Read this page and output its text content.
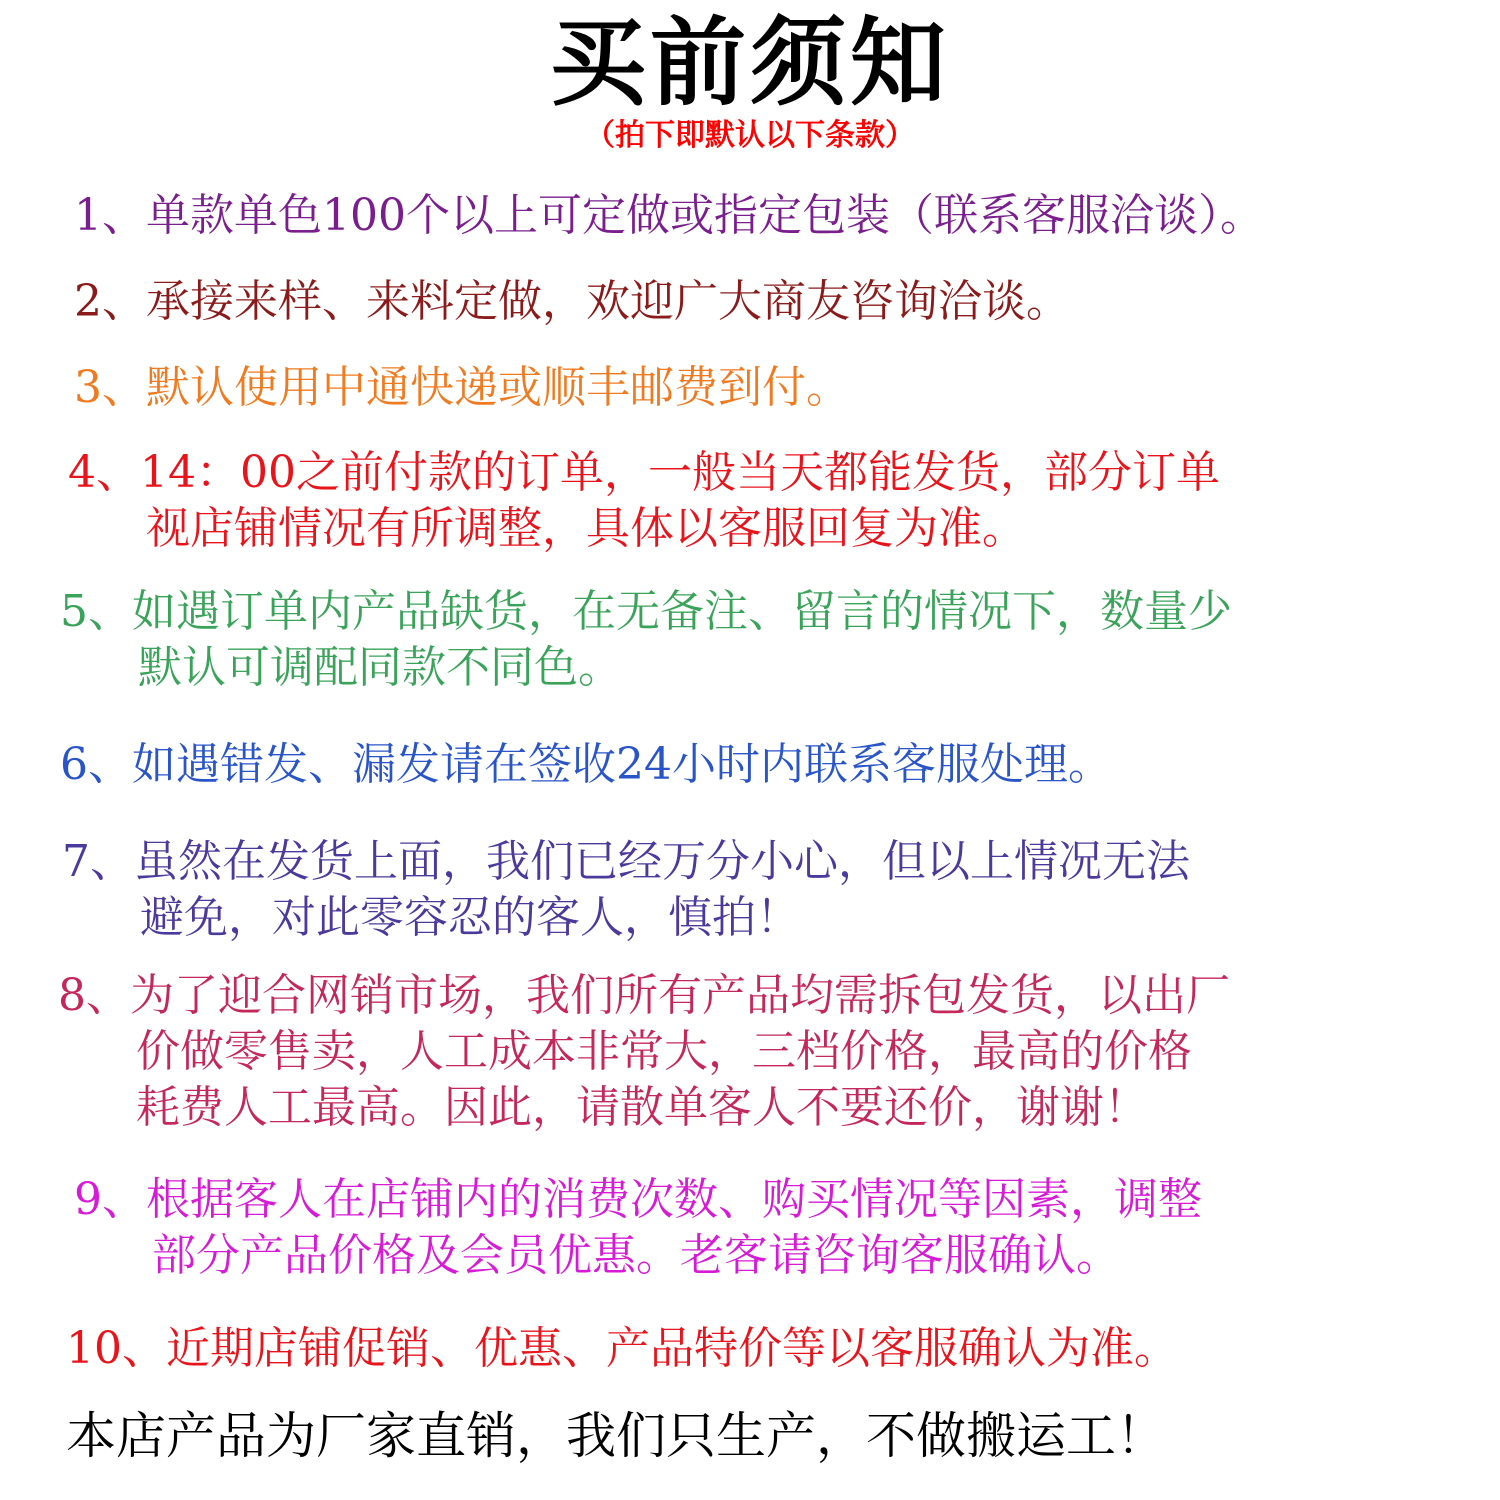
买前须知
（拍下即默认以下条款）
1、单款单色100个以上可定做或指定包装（联系客服洽谈）。
2、承接来样、来料定做，欢迎广大商友咨询洽谈。
3、默认使用中通快递或顺丰邮费到付。
4、14：00之前付款的订单，一般当天都能发货，部分订单
视店铺情况有所调整，具体以客服回复为准。
5、如遇订单内产品缺货，在无备注、留言的情况下，数量少
默认可调配同款不同色。
6、如遇错发、漏发请在签收24小时内联系客服处理。
7、虽然在发货上面，我们已经万分小心，但以上情况无法
避免，对此零容忍的客人，慎拍！
8、为了迎合网销市场，我们所有产品均需拆包发货，以出厂
价做零售卖，人工成本非常大，三档价格，最高的价格
耗费人工最高。因此，请散单客人不要还价，谢谢！
9、根据客人在店铺内的消费次数、购买情况等因素，调整
部分产品价格及会员优惠。老客请咨询客服确认。
10、近期店铺促销、优惠、产品特价等以客服确认为准。
本店产品为厂家直销，我们只生产，不做搬运工！
